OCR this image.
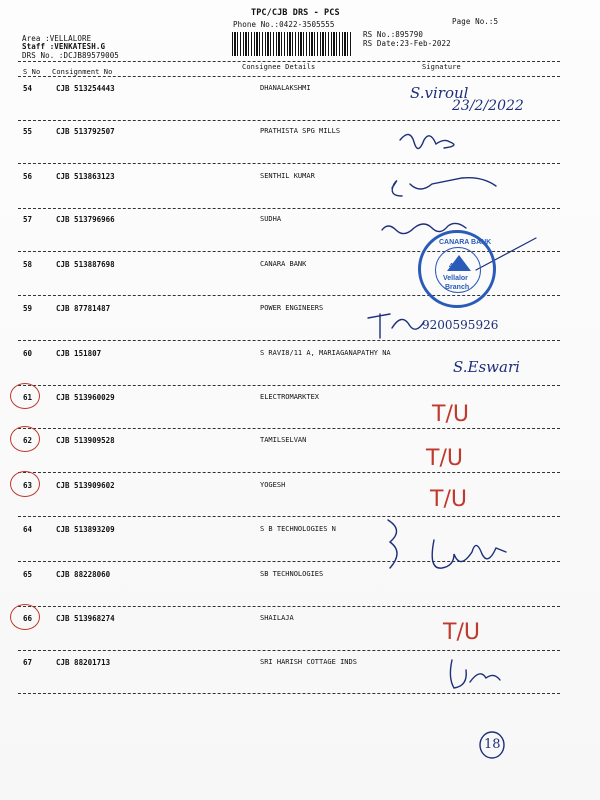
TPC/CJB DRS - PCS
Phone No.:0422-3505555
Area :VELLALORE
Staff :VENKATESH.G
DRS No. :DCJB89579005
RS No.:895790
RS Date:23-Feb-2022
Page No.:5
S No Consignment No
Consignee Details	Signature
54	CJB 513254443	DHANALAKSHMI
55	CJB 513792507	PRATHISTA SPG MILLS
56	CJB 513863123	SENTHIL KUMAR
57	CJB 513796966	SUDHA
58	CJB 513887698	CANARA BANK
59	CJB 87781487	POWER ENGINEERS
60	CJB 151807	S RAVI8/11 A, MARIAGANAPATHY NA
61	CJB 513960029	ELECTROMARKTEX
62	CJB 513909528	TAMILSELVAN
63	CJB 513909602	YOGESH
64	CJB 513893209	S B TECHNOLOGIES N
65	CJB 88228060	SB TECHNOLOGIES
66	CJB 513968274	SHAILAJA
67	CJB 88201713	SRI HARISH COTTAGE INDS
S.viroul
23/2/2022
9200595926
S.Eswari
T/U
T/U
T/U
T/U
CANARA BANK
4352
Vellalor
Branch
18
